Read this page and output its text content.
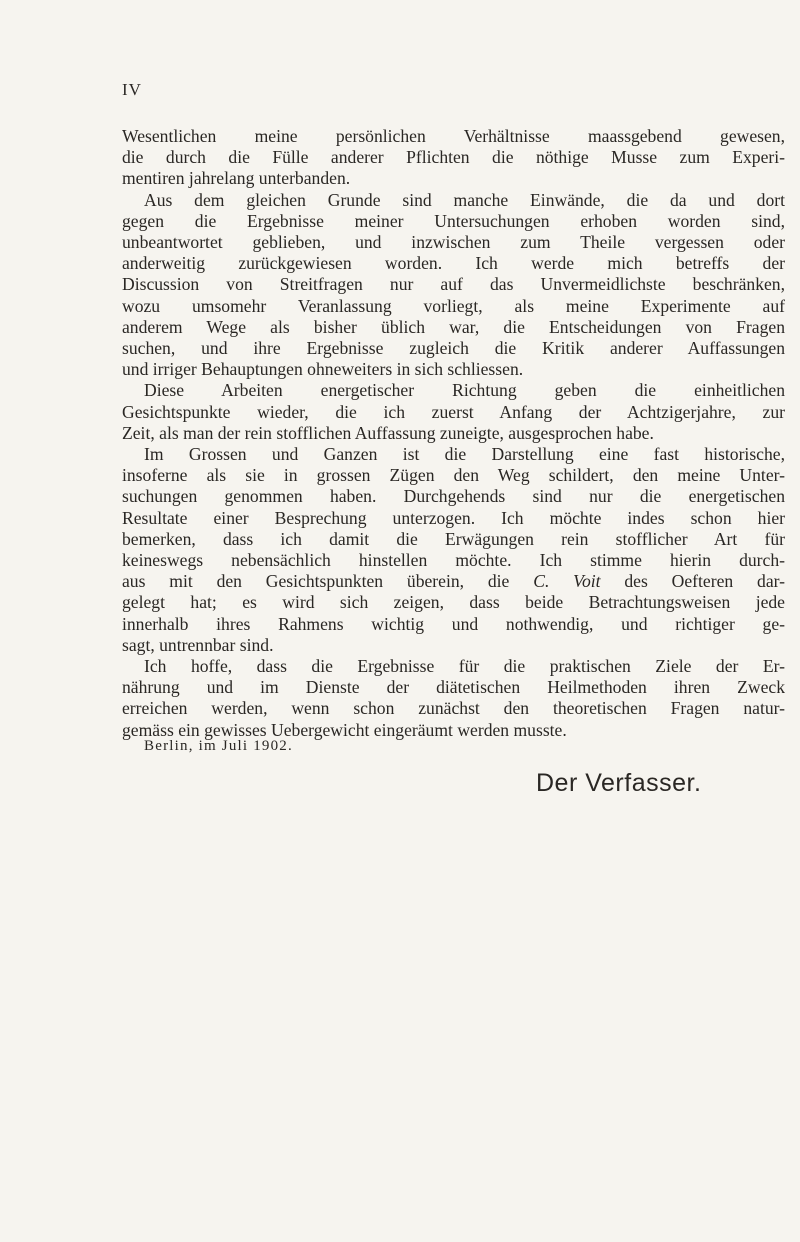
IV
Wesentlichen meine persönlichen Verhältnisse maassgebend gewesen,
die durch die Fülle anderer Pflichten die nöthige Musse zum Experi-
mentiren jahrelang unterbanden.
Aus dem gleichen Grunde sind manche Einwände, die da und dort
gegen die Ergebnisse meiner Untersuchungen erhoben worden sind,
unbeantwortet geblieben, und inzwischen zum Theile vergessen oder
anderweitig zurückgewiesen worden. Ich werde mich betreffs der
Discussion von Streitfragen nur auf das Unvermeidlichste beschränken,
wozu umsomehr Veranlassung vorliegt, als meine Experimente auf
anderem Wege als bisher üblich war, die Entscheidungen von Fragen
suchen, und ihre Ergebnisse zugleich die Kritik anderer Auffassungen
und irriger Behauptungen ohneweiters in sich schliessen.
Diese Arbeiten energetischer Richtung geben die einheitlichen
Gesichtspunkte wieder, die ich zuerst Anfang der Achtzigerjahre, zur
Zeit, als man der rein stofflichen Auffassung zuneigte, ausgesprochen habe.
Im Grossen und Ganzen ist die Darstellung eine fast historische,
insoferne als sie in grossen Zügen den Weg schildert, den meine Unter-
suchungen genommen haben. Durchgehends sind nur die energetischen
Resultate einer Besprechung unterzogen. Ich möchte indes schon hier
bemerken, dass ich damit die Erwägungen rein stofflicher Art für
keineswegs nebensächlich hinstellen möchte. Ich stimme hierin durch-
aus mit den Gesichtspunkten überein, die C. Voit des Oefteren dar-
gelegt hat; es wird sich zeigen, dass beide Betrachtungsweisen jede
innerhalb ihres Rahmens wichtig und nothwendig, und richtiger ge-
sagt, untrennbar sind.
Ich hoffe, dass die Ergebnisse für die praktischen Ziele der Er-
nährung und im Dienste der diätetischen Heilmethoden ihren Zweck
erreichen werden, wenn schon zunächst den theoretischen Fragen natur-
gemäss ein gewisses Uebergewicht eingeräumt werden musste.
Berlin, im Juli 1902.
Der Verfasser.
